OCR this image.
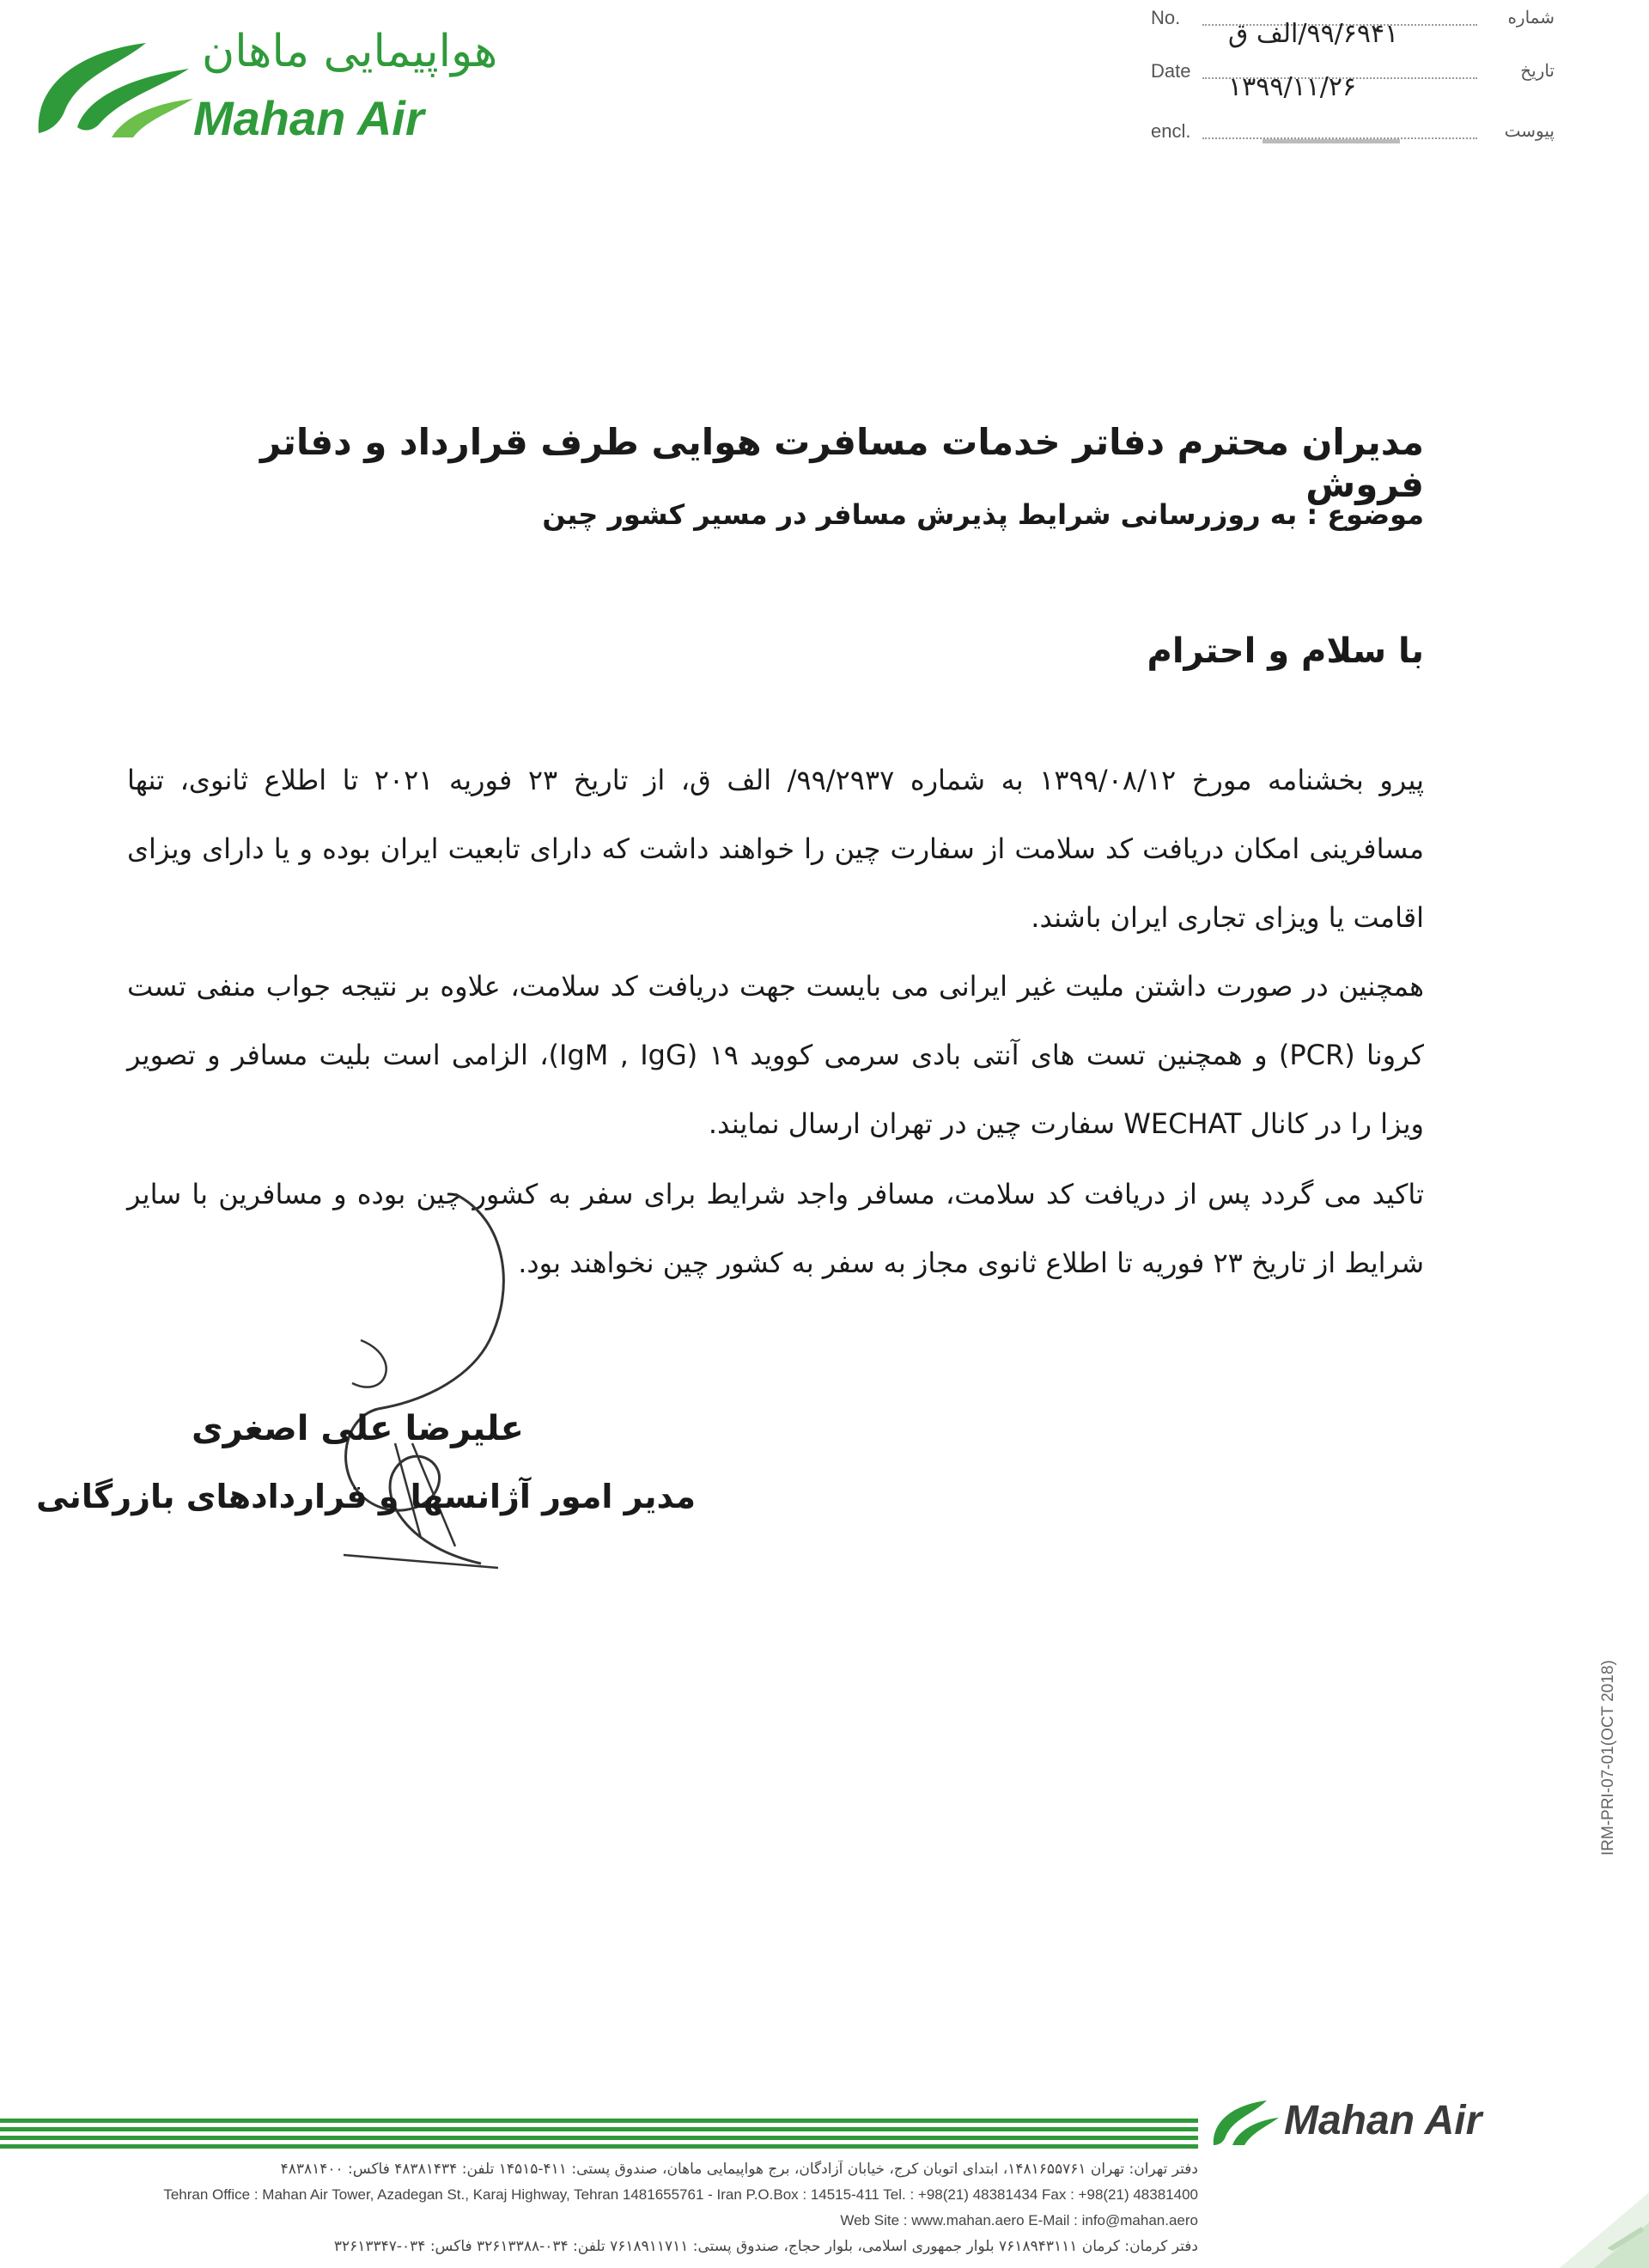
هواپیمایی ماهان
Mahan Air
No.
۹۹/۶۹۴۱/الف ق
شماره
Date
۱۳۹۹/۱۱/۲۶
تاریخ
encl.	پیوست
مدیران محترم دفاتر خدمات مسافرت هوایی طرف قرارداد و دفاتر فروش
موضوع : به روزرسانی شرایط پذیرش مسافر در مسیر کشور چین
با سلام و احترام
پیرو بخشنامه مورخ ۱۳۹۹/۰۸/۱۲ به شماره ۹۹/۲۹۳۷/ الف ق، از تاریخ ۲۳ فوریه ۲۰۲۱ تا اطلاع ثانوی، تنها مسافرینی امکان دریافت کد سلامت از سفارت چین را خواهند داشت که دارای تابعیت ایران بوده و یا دارای ویزای اقامت یا ویزای تجاری ایران باشند.
همچنین در صورت داشتن ملیت غیر ایرانی می بایست جهت دریافت کد سلامت، علاوه بر نتیجه جواب منفی تست کرونا (PCR) و همچنین تست های آنتی بادی سرمی کووید ۱۹ (IgM , IgG)، الزامی است بلیت مسافر و تصویر ویزا را در کانال WECHAT سفارت چین در تهران ارسال نمایند.
تاکید می گردد پس از دریافت کد سلامت، مسافر واجد شرایط برای سفر به کشور چین بوده و مسافرین با سایر شرایط از تاریخ ۲۳ فوریه تا اطلاع ثانوی مجاز به سفر به کشور چین نخواهند بود.
علیرضا علی اصغری
مدیر امور آژانسها و قراردادهای بازرگانی
IRM-PRI-07-01(OCT 2018)
Mahan Air
دفتر تهران: تهران ۱۴۸۱۶۵۵۷۶۱، ابتدای اتوبان کرج، خیابان آزادگان، برج هواپیمایی ماهان، صندوق پستی: ۴۱۱-۱۴۵۱۵ تلفن: ۴۸۳۸۱۴۳۴ فاکس: ۴۸۳۸۱۴۰۰
Tehran Office : Mahan Air Tower, Azadegan St., Karaj Highway, Tehran 1481655761 - Iran P.O.Box : 14515-411 Tel. : +98(21) 48381434 Fax : +98(21) 48381400
Web Site : www.mahan.aero E-Mail : info@mahan.aero
دفتر کرمان: کرمان ۷۶۱۸۹۴۳۱۱۱ بلوار جمهوری اسلامی، بلوار حجاج، صندوق پستی: ۷۶۱۸۹۱۱۷۱۱ تلفن: ۰۳۴-۳۲۶۱۳۳۸۸ فاکس: ۰۳۴-۳۲۶۱۳۳۴۷
